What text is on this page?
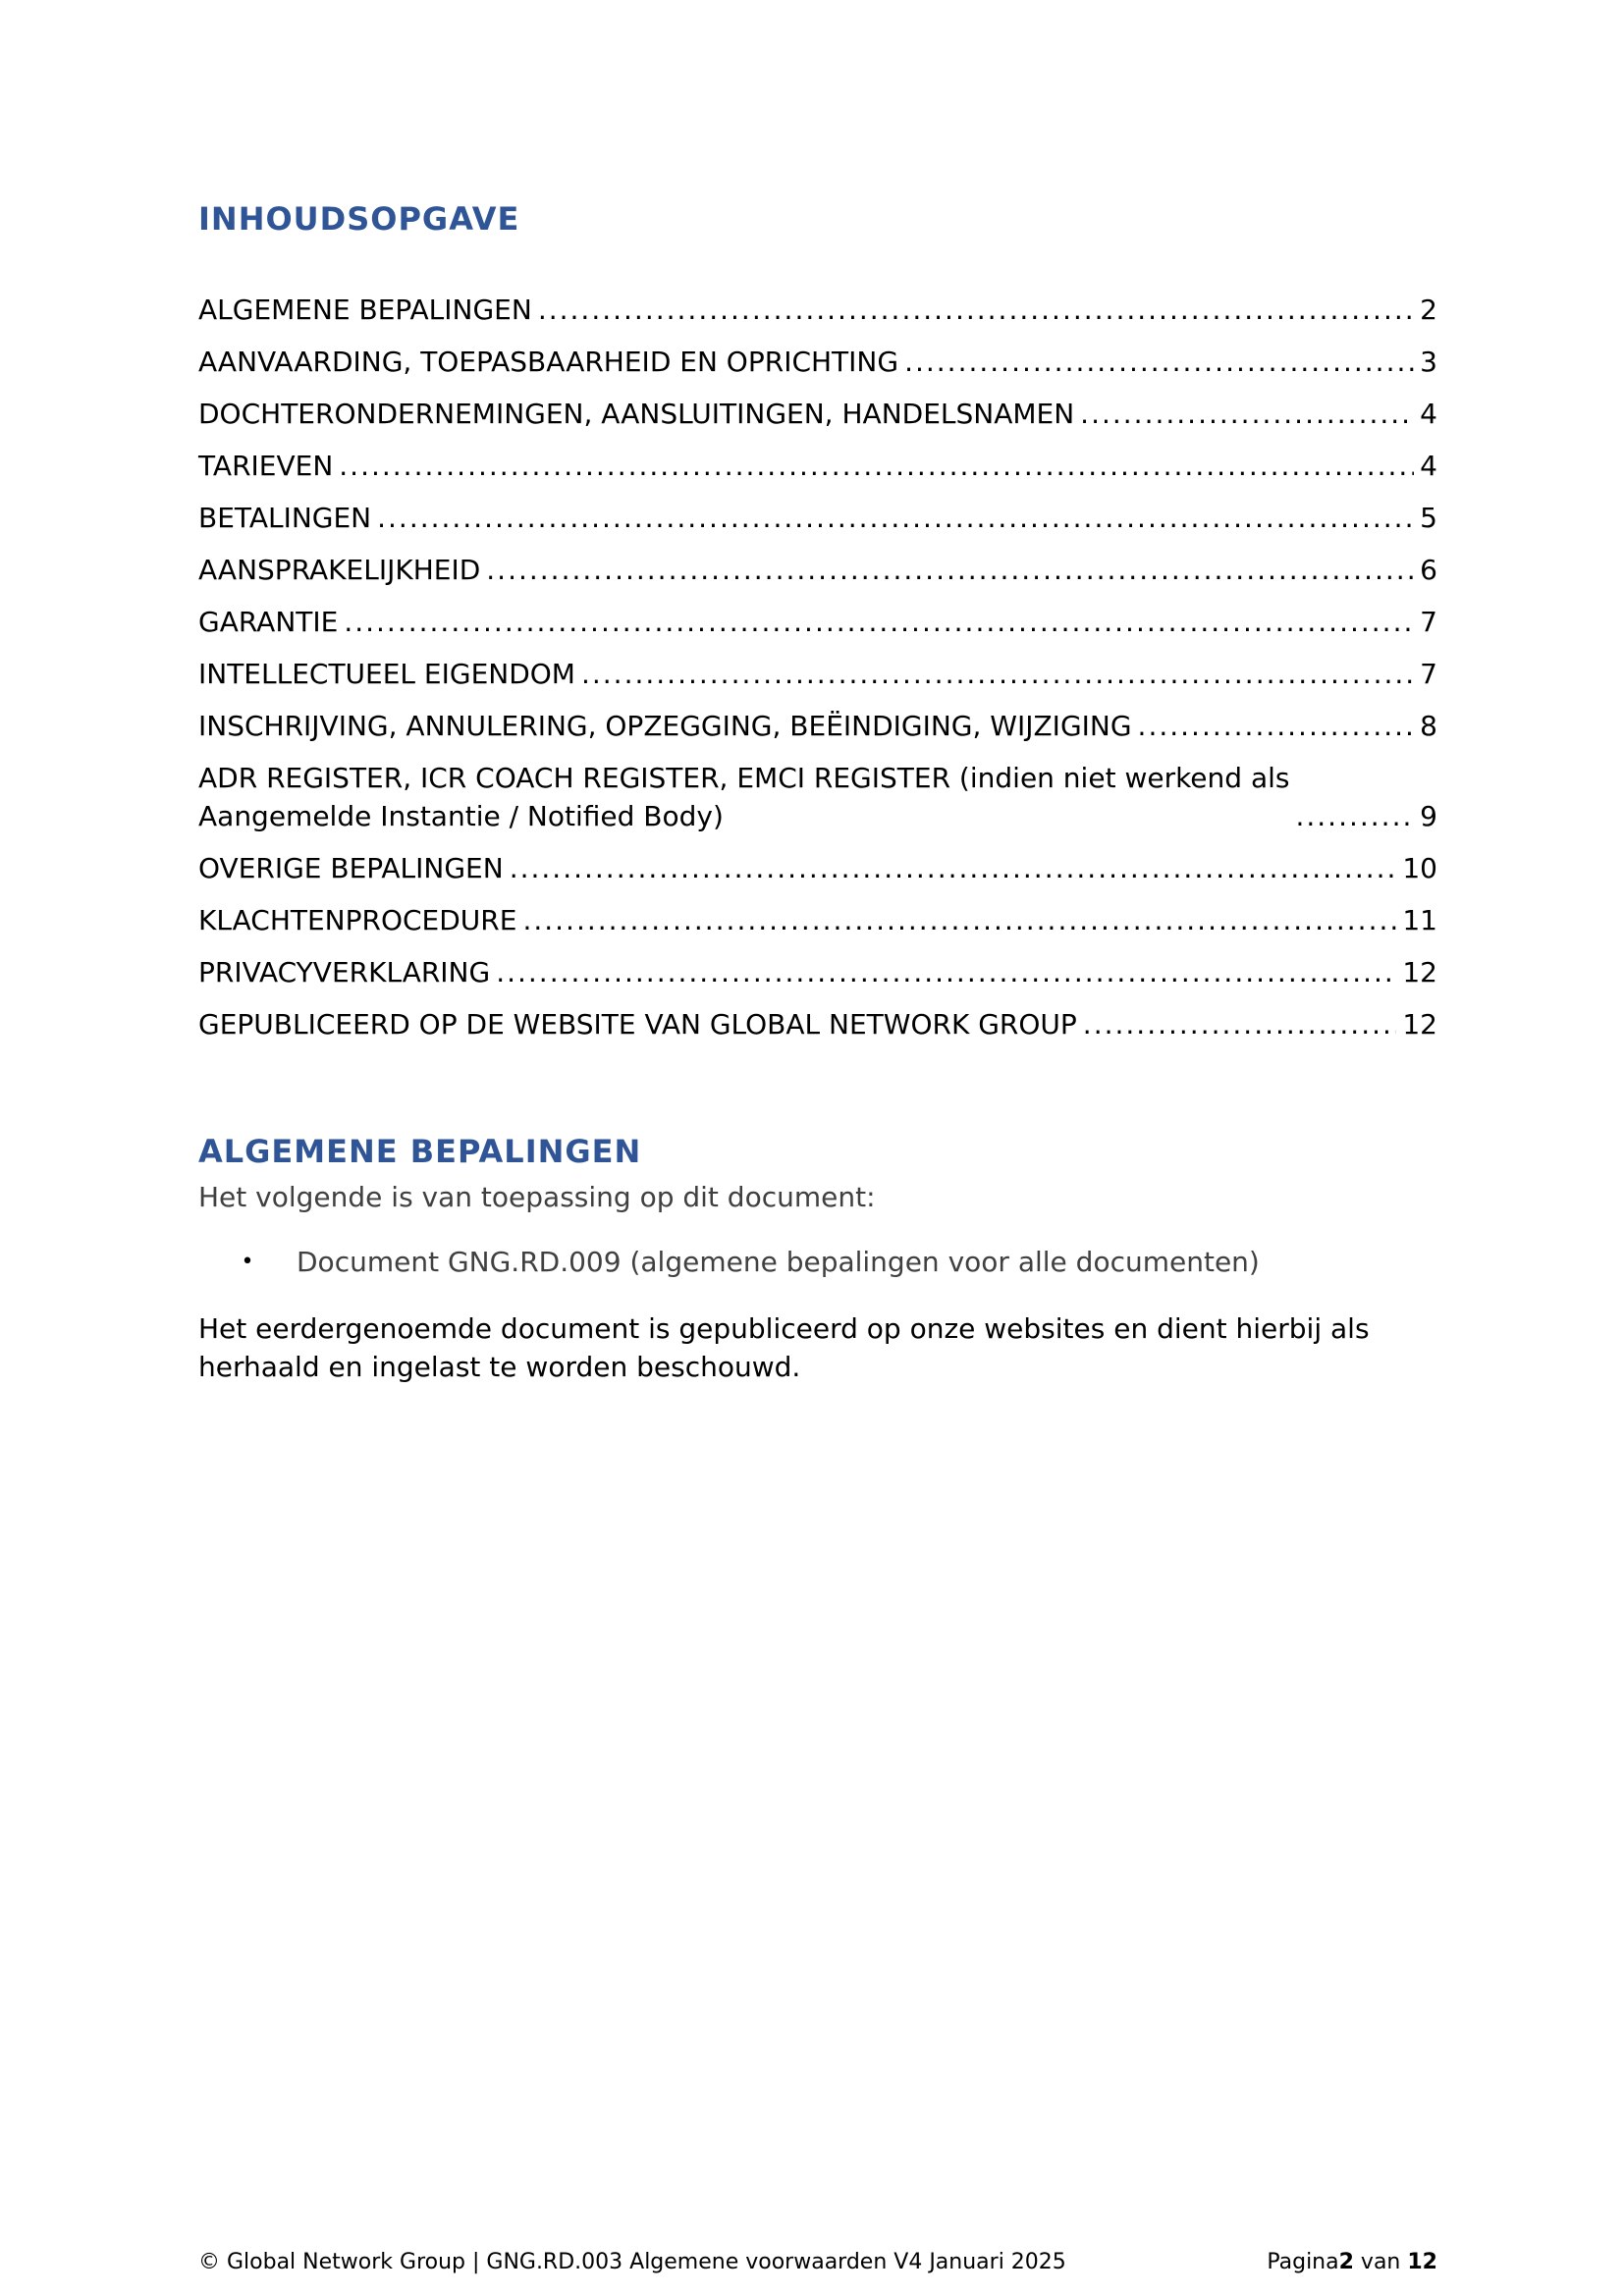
INHOUDSOPGAVE
ALGEMENE BEPALINGEN .....	2
AANVAARDING, TOEPASBAARHEID EN OPRICHTING .....	3
DOCHTERONDERNEMINGEN, AANSLUITINGEN, HANDELSNAMEN .....	4
TARIEVEN .....	4
BETALINGEN .....	5
AANSPRAKELIJKHEID .....	6
GARANTIE .....	7
INTELLECTUEEL EIGENDOM .....	7
INSCHRIJVING, ANNULERING, OPZEGGING, BEËINDIGING, WIJZIGING .....	8
ADR REGISTER, ICR COACH REGISTER, EMCI REGISTER (indien niet werkend als
Aangemelde Instantie / Notified Body) .....	9
OVERIGE BEPALINGEN .....	10
KLACHTENPROCEDURE .....	11
PRIVACYVERKLARING .....	12
GEPUBLICEERD OP DE WEBSITE VAN GLOBAL NETWORK GROUP .....	12
ALGEMENE BEPALINGEN

Het volgende is van toepassing op dit document:

•	Document GNG.RD.009 (algemene bepalingen voor alle documenten)

Het eerdergenoemde document is gepubliceerd op onze websites en dient hierbij als herhaald en ingelast te worden beschouwd.

© Global Network Group | GNG.RD.003 Algemene voorwaarden V4 Januari 2025	Pagina2 van 12
